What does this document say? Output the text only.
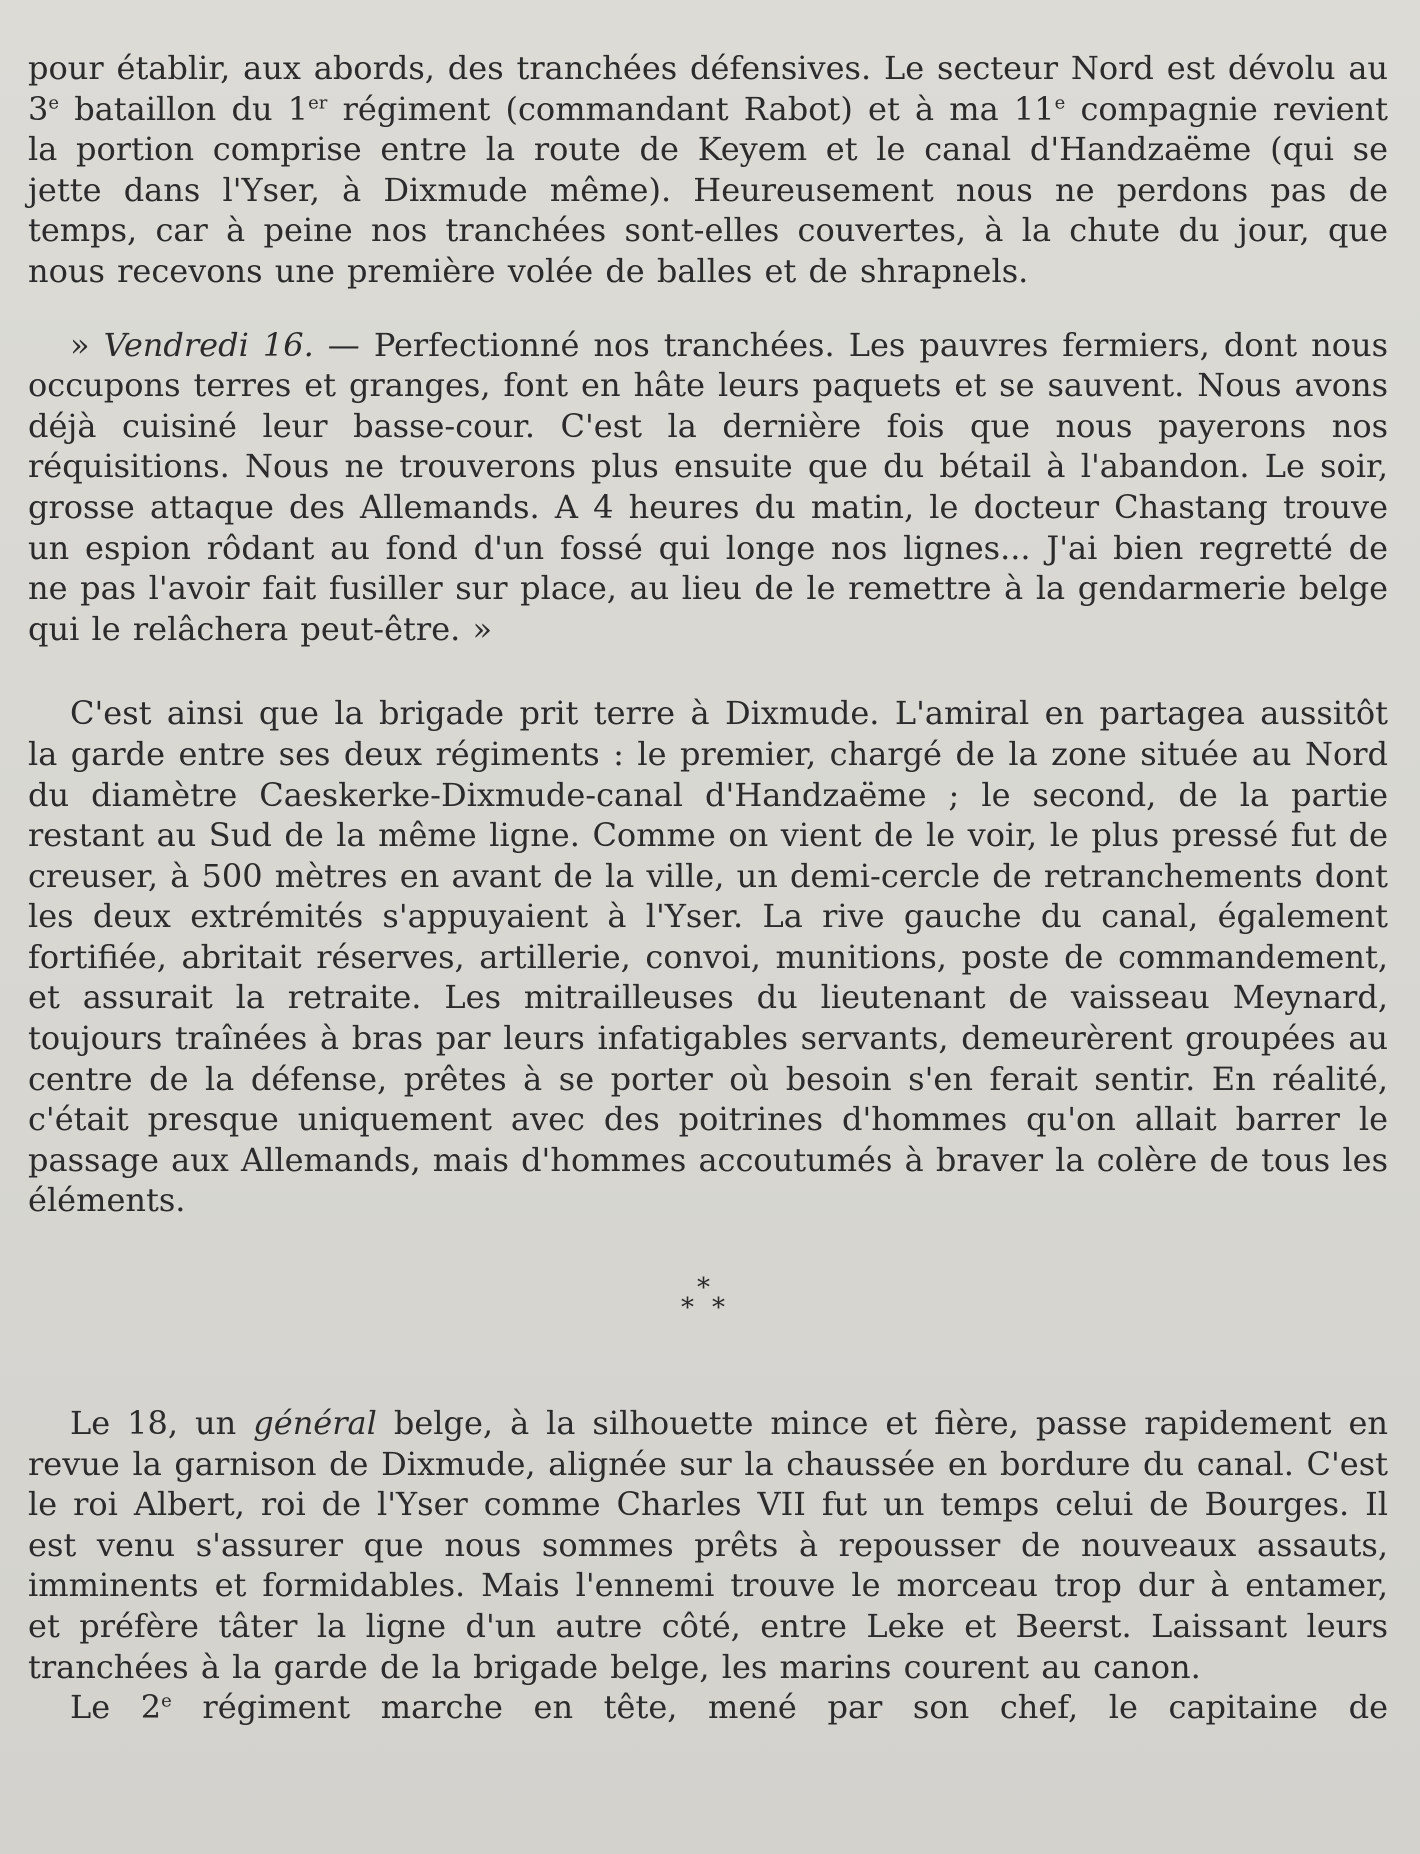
pour établir, aux abords, des tranchées défensives. Le secteur Nord est dévolu au 3e bataillon du 1er régiment (commandant Rabot) et à ma 11e compagnie revient la portion comprise entre la route de Keyem et le canal d'Handzaëme (qui se jette dans l'Yser, à Dixmude même). Heureusement nous ne perdons pas de temps, car à peine nos tranchées sont-elles couvertes, à la chute du jour, que nous recevons une première volée de balles et de shrapnels.

» Vendredi 16. — Perfectionné nos tranchées. Les pauvres fermiers, dont nous occupons terres et granges, font en hâte leurs paquets et se sauvent. Nous avons déjà cuisiné leur basse-cour. C'est la dernière fois que nous payerons nos réquisitions. Nous ne trouverons plus ensuite que du bétail à l'abandon. Le soir, grosse attaque des Allemands. A 4 heures du matin, le docteur Chastang trouve un espion rôdant au fond d'un fossé qui longe nos lignes... J'ai bien regretté de ne pas l'avoir fait fusiller sur place, au lieu de le remettre à la gendarmerie belge qui le relâchera peut-être. »

C'est ainsi que la brigade prit terre à Dixmude. L'amiral en partagea aussitôt la garde entre ses deux régiments : le premier, chargé de la zone située au Nord du diamètre Caeskerke-Dixmude-canal d'Handzaëme ; le second, de la partie restant au Sud de la même ligne. Comme on vient de le voir, le plus pressé fut de creuser, à 500 mètres en avant de la ville, un demi-cercle de retranchements dont les deux extrémités s'appuyaient à l'Yser. La rive gauche du canal, également fortifiée, abritait réserves, artillerie, convoi, munitions, poste de commandement, et assurait la retraite. Les mitrailleuses du lieutenant de vaisseau Meynard, toujours traînées à bras par leurs infatigables servants, demeurèrent groupées au centre de la défense, prêtes à se porter où besoin s'en ferait sentir. En réalité, c'était presque uniquement avec des poitrines d'hommes qu'on allait barrer le passage aux Allemands, mais d'hommes accoutumés à braver la colère de tous les éléments.

*
* *

Le 18, un général belge, à la silhouette mince et fière, passe rapidement en revue la garnison de Dixmude, alignée sur la chaussée en bordure du canal. C'est le roi Albert, roi de l'Yser comme Charles VII fut un temps celui de Bourges. Il est venu s'assurer que nous sommes prêts à repousser de nouveaux assauts, imminents et formidables. Mais l'ennemi trouve le morceau trop dur à entamer, et préfère tâter la ligne d'un autre côté, entre Leke et Beerst. Laissant leurs tranchées à la garde de la brigade belge, les marins courent au canon.

Le 2e régiment marche en tête, mené par son chef, le capitaine de
